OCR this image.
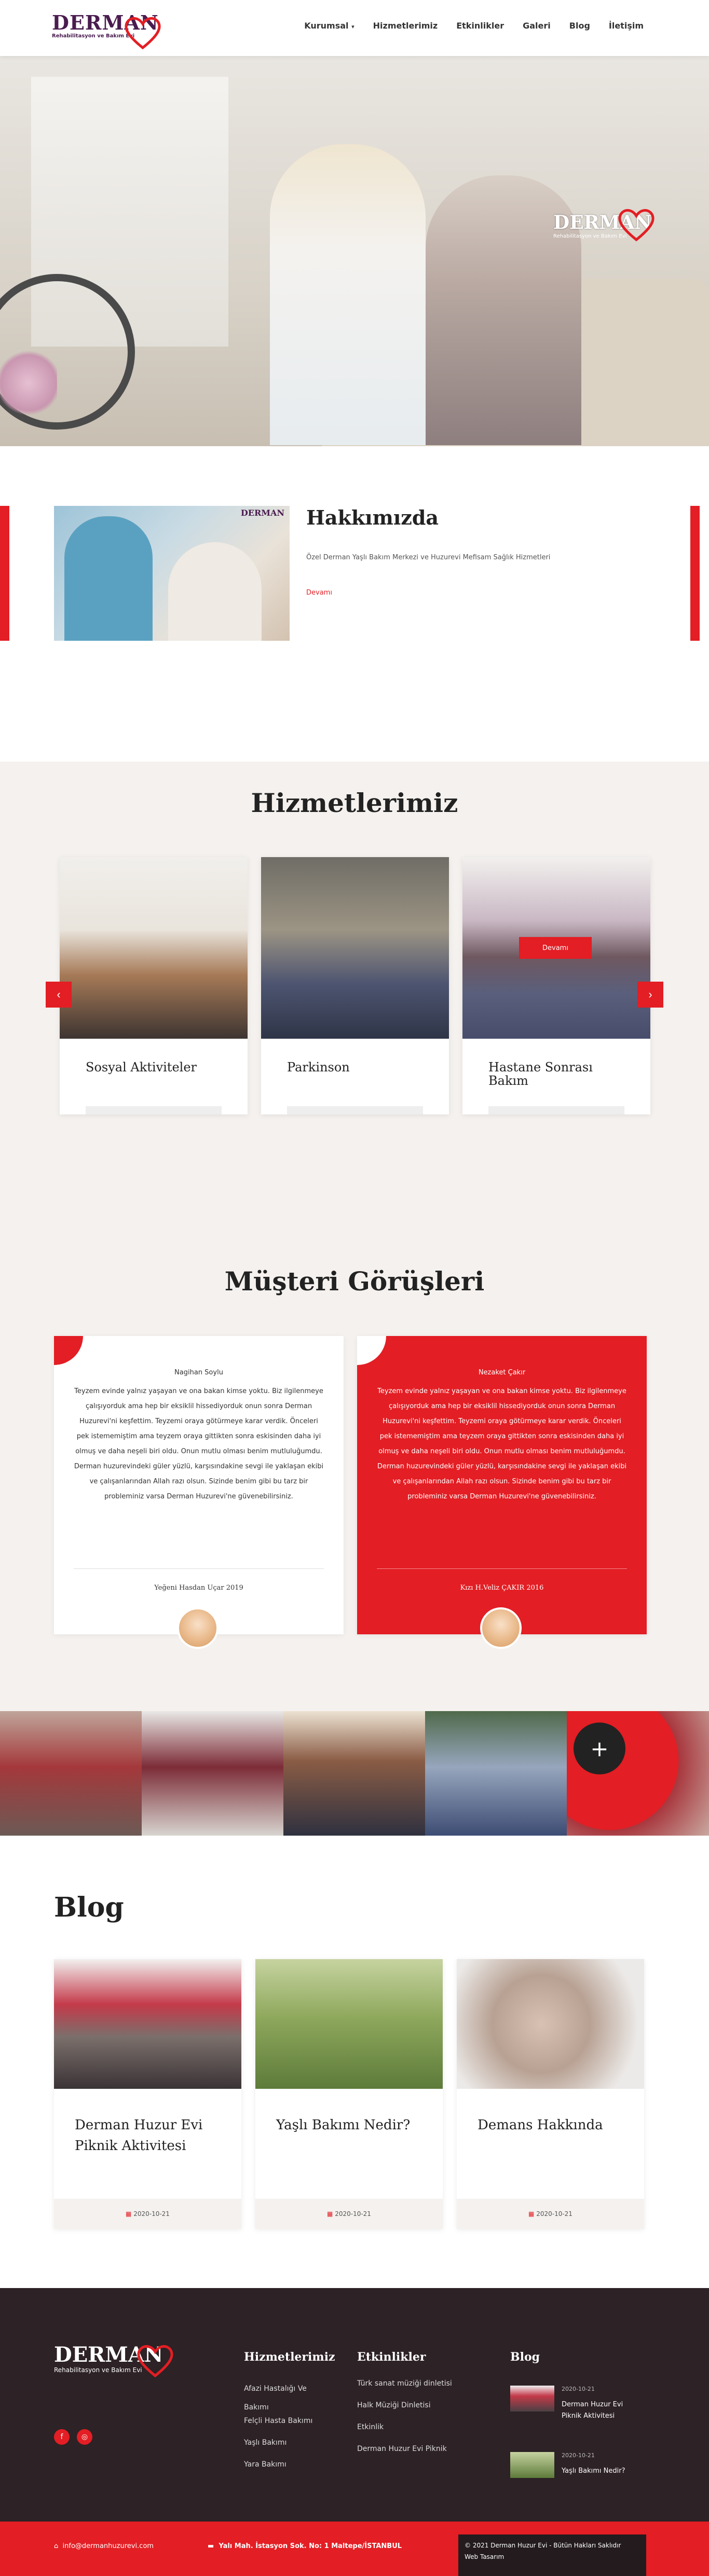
DERMAN
Rehabilitasyon ve Bakım Evi
Kurumsal ▾ Hizmetlerimiz Etkinlikler Galeri Blog İletişim
DERMAN
Rehabilitasyon ve Bakım Evi
DERMAN Hakkımızda

Özel Derman Yaşlı Bakım Merkezi ve Huzurevi Mefisam Sağlık Hizmetleri

Devamı
Hizmetlerimiz
Sosyal Aktiviteler	Parkinson	Hastane Sonrası Bakım
Devamı
‹	›
Müşteri Görüşleri
Nagihan Soylu
Teyzem evinde yalnız yaşayan ve ona bakan kimse yoktu. Biz ilgilenmeye çalışıyorduk ama hep bir eksiklil hissediyorduk onun sonra Derman Huzurevi'ni keşfettim. Teyzemi oraya götürmeye karar verdik. Önceleri pek istememiştim ama teyzem oraya gittikten sonra eskisinden daha iyi olmuş ve daha neşeli biri oldu. Onun mutlu olması benim mutluluğumdu. Derman huzurevindeki güler yüzlü, karşısındakine sevgi ile yaklaşan ekibi ve çalışanlarından Allah razı olsun. Sizinde benim gibi bu tarz bir probleminiz varsa Derman Huzurevi'ne güvenebilirsiniz.
Yeğeni Hasdan Uçar 2019
Nezaket Çakır
Teyzem evinde yalnız yaşayan ve ona bakan kimse yoktu. Biz ilgilenmeye çalışıyorduk ama hep bir eksiklil hissediyorduk onun sonra Derman Huzurevi'ni keşfettim. Teyzemi oraya götürmeye karar verdik. Önceleri pek istememiştim ama teyzem oraya gittikten sonra eskisinden daha iyi olmuş ve daha neşeli biri oldu. Onun mutlu olması benim mutluluğumdu. Derman huzurevindeki güler yüzlü, karşısındakine sevgi ile yaklaşan ekibi ve çalışanlarından Allah razı olsun. Sizinde benim gibi bu tarz bir probleminiz varsa Derman Huzurevi'ne güvenebilirsiniz.
Kızı H.Veliz ÇAKIR 2016
+
Blog
Derman Huzur Evi Piknik Aktivitesi
▦ 2020-10-21
Yaşlı Bakımı Nedir?
▦ 2020-10-21
Demans Hakkında
▦ 2020-10-21
DERMAN
Rehabilitasyon ve Bakım Evi
f	◎
Hizmetlerimiz
Afazi Hastalığı Ve Bakımı
Felçli Hasta Bakımı
Yaşlı Bakımı
Yara Bakımı
Etkinlikler
Türk sanat müziği dinletisi
Halk Müziği Dinletisi
Etkinlik
Derman Huzur Evi Piknik
Blog
2020-10-21
Derman Huzur Evi Piknik Aktivitesi
2020-10-21
Yaşlı Bakımı Nedir?
⌂ info@dermanhuzurevi.com	▬ Yalı Mah. İstasyon Sok. No: 1 Maltepe/İSTANBUL	© 2021 Derman Huzur Evi - Bütün Hakları Saklıdır
Web Tasarım
